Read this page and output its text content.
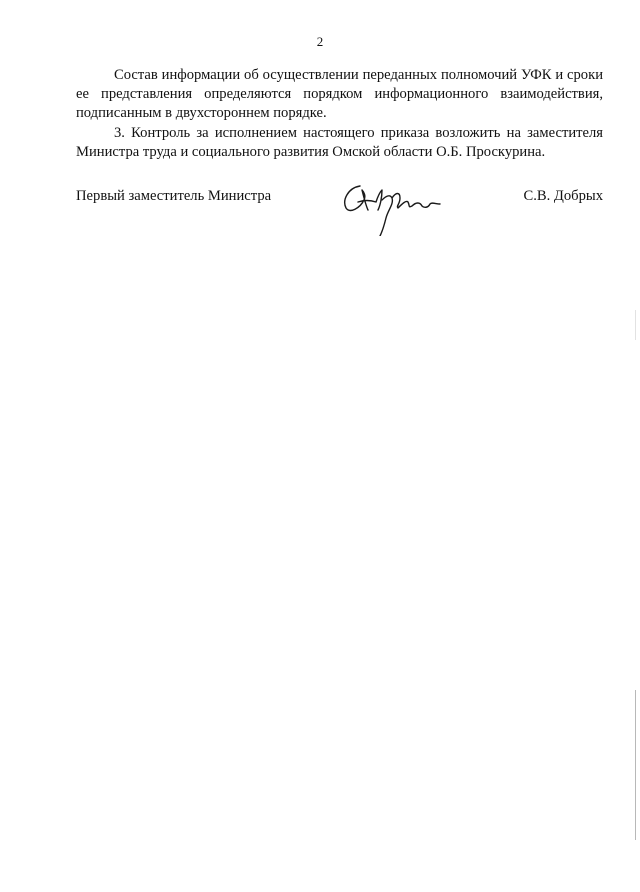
2

Состав информации об осуществлении переданных полномочий УФК и сроки ее представления определяются порядком информационного взаимодействия, подписанным в двухстороннем порядке.

3. Контроль за исполнением настоящего приказа возложить на заместителя Министра труда и социального развития Омской области О.Б. Проскурина.

Первый заместитель Министра	С.В. Добрых
